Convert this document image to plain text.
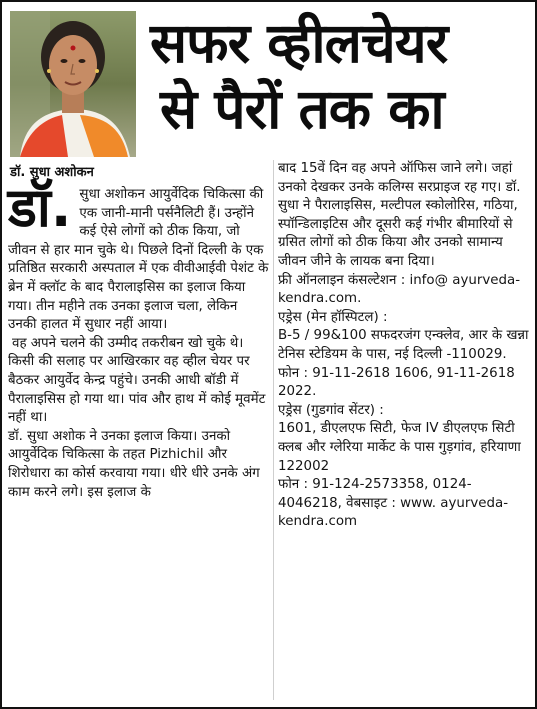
डॉ. सुधा अशोकन
सफर व्हीलचेयर
से पैरों तक का

डॉ. सुधा अशोकन आयुर्वेदिक चिकित्सा की एक जानी-मानी पर्सनैलिटी हैं। उन्होंने कई ऐसे लोगों को ठीक किया, जो जीवन से हार मान चुके थे। पिछले दिनों दिल्ली के एक प्रतिष्ठित सरकारी अस्पताल में एक वीवीआईवी पेशंट के ब्रेन में क्लॉट के बाद पैरालाइसिस का इलाज किया गया। तीन महीने तक उनका इलाज चला, लेकिन उनकी हालत में सुधार नहीं आया।

वह अपने चलने की उम्मीद तकरीबन खो चुके थे। किसी की सलाह पर आखिरकार वह व्हील चेयर पर बैठकर आयुर्वेद केन्द्र पहुंचे। उनकी आधी बॉडी में पैरालाइसिस हो गया था। पांव और हाथ में कोई मूवमेंट नहीं था।

डॉ. सुधा अशोक ने उनका इलाज किया। उनको आयुर्वेदिक चिकित्सा के तहत Pizhichil और शिरोधारा का कोर्स करवाया गया। धीरे धीरे उनके अंग काम करने लगे। इस इलाज के

बाद 15वें दिन वह अपने ऑफिस जाने लगे। जहां उनको देखकर उनके कलिग्स सरप्राइज रह गए। डॉ. सुधा ने पैरालाइसिस, मल्टीपल स्कोलोरिस, गठिया, स्पॉन्डिलाइटिस और दूसरी कई गंभीर बीमारियों से ग्रसित लोगों को ठीक किया और उनको सामान्य जीवन जीने के लायक बना दिया।

फ्री ऑनलाइन कंसल्टेशन : info@ ayurveda-kendra.com.

एड्रेस (मेन हॉस्पिटल) :

B-5 / 99&100 सफदरजंग एन्क्लेव, आर के खन्ना टेनिस स्टेडियम के पास, नई दिल्ली -110029.

फोन : 91-11-2618 1606, 91-11-2618 2022.

एड्रेस (गुडगांव सेंटर) :

1601, डीएलएफ सिटी, फेज IV डीएलएफ सिटी क्लब और ग्लेरिया मार्केट के पास गुड़गांव, हरियाणा 122002

फोन : 91-124-2573358, 0124-4046218, वेबसाइट : www. ayurveda-kendra.com
